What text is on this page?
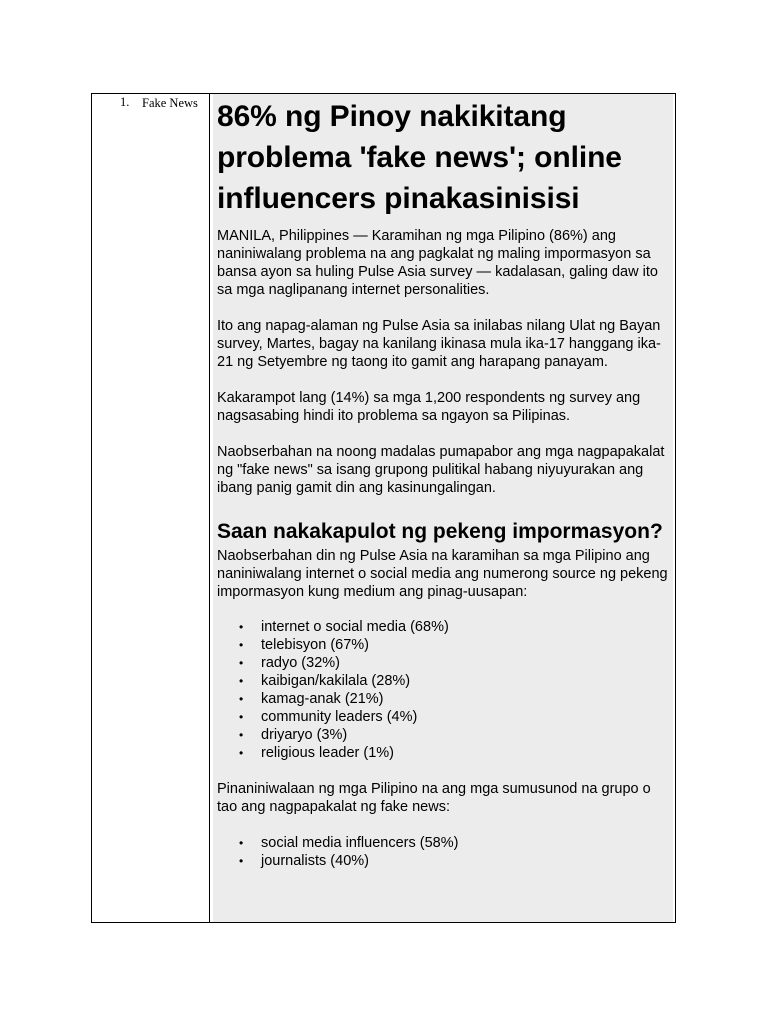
1. Fake News 86% ng Pinoy nakikitang problema 'fake news'; online influencers pinakasinisisi

MANILA, Philippines — Karamihan ng mga Pilipino (86%) ang naniniwalang problema na ang pagkalat ng maling impormasyon sa bansa ayon sa huling Pulse Asia survey — kadalasan, galing daw ito sa mga naglipanang internet personalities.

Ito ang napag-alaman ng Pulse Asia sa inilabas nilang Ulat ng Bayan survey, Martes, bagay na kanilang ikinasa mula ika-17 hanggang ika-21 ng Setyembre ng taong ito gamit ang harapang panayam.

Kakarampot lang (14%) sa mga 1,200 respondents ng survey ang nagsasabing hindi ito problema sa ngayon sa Pilipinas.

Naobserbahan na noong madalas pumapabor ang mga nagpapakalat ng "fake news" sa isang grupong pulitikal habang niyuyurakan ang ibang panig gamit din ang kasinungalingan.

Saan nakakapulot ng pekeng impormasyon?

Naobserbahan din ng Pulse Asia na karamihan sa mga Pilipino ang naniniwalang internet o social media ang numerong source ng pekeng impormasyon kung medium ang pinag-uusapan:

• internet o social media (68%)
• telebisyon (67%)
• radyo (32%)
• kaibigan/kakilala (28%)
• kamag-anak (21%)
• community leaders (4%)
• driyaryo (3%)
• religious leader (1%)

Pinaniniwalaan ng mga Pilipino na ang mga sumusunod na grupo o tao ang nagpapakalat ng fake news:

• social media influencers (58%)
• journalists (40%)
